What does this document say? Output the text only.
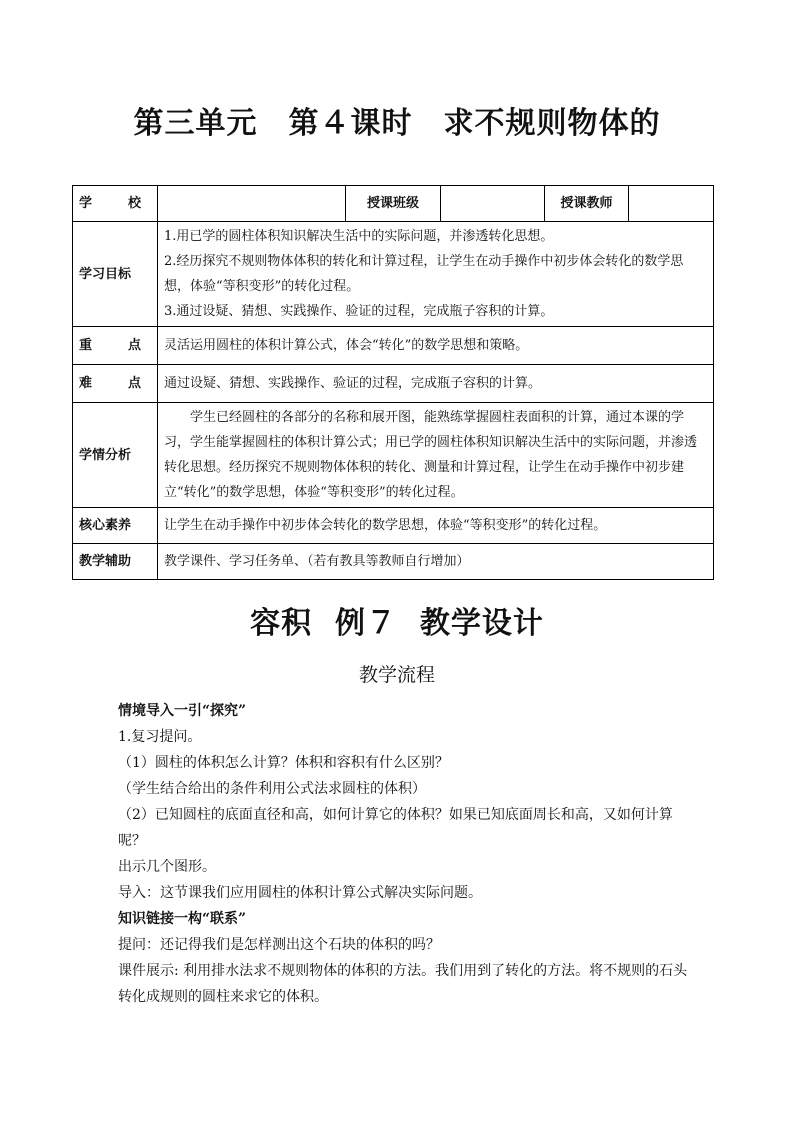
第三单元　第４课时　求不规则物体的
学　　校		授课班级		授课教师	
学习目标	1.用已学的圆柱体积知识解决生活中的实际问题，并渗透转化思想。
2.经历探究不规则物体体积的转化和计算过程，让学生在动手操作中初步体会转化的数学思想，体验“等积变形”的转化过程。
3.通过设疑、猜想、实践操作、验证的过程，完成瓶子容积的计算。				

重　　点	灵活运用圆柱的体积计算公式，体会“转化”的数学思想和策略。				
难　　点	通过设疑、猜想、实践操作、验证的过程，完成瓶子容积的计算。				
学情分析	学生已经圆柱的各部分的名称和展开图，能熟练掌握圆柱表面积的计算，通过本课的学习，学生能掌握圆柱的体积计算公式；用已学的圆柱体积知识解决生活中的实际问题，并渗透转化思想。经历探究不规则物体体积的转化、测量和计算过程，让学生在动手操作中初步建立“转化”的数学思想，体验“等积变形”的转化过程。				
核心素养	让学生在动手操作中初步体会转化的数学思想，体验“等积变形”的转化过程。				
教学辅助	教学课件、学习任务单、（若有教具等教师自行增加）				
容积  例７  教学设计
教学流程

情境导入一引“探究”

1.复习提问。

（1）圆柱的体积怎么计算？体积和容积有什么区别？

（学生结合给出的条件利用公式法求圆柱的体积）

（2）已知圆柱的底面直径和高，如何计算它的体积？如果已知底面周长和高，又如何计算呢？

出示几个图形。

导入：这节课我们应用圆柱的体积计算公式解决实际问题。

知识链接一构“联系”

提问：还记得我们是怎样测出这个石块的体积的吗？

课件展示: 利用排水法求不规则物体的体积的方法。我们用到了转化的方法。将不规则的石头转化成规则的圆柱来求它的体积。
